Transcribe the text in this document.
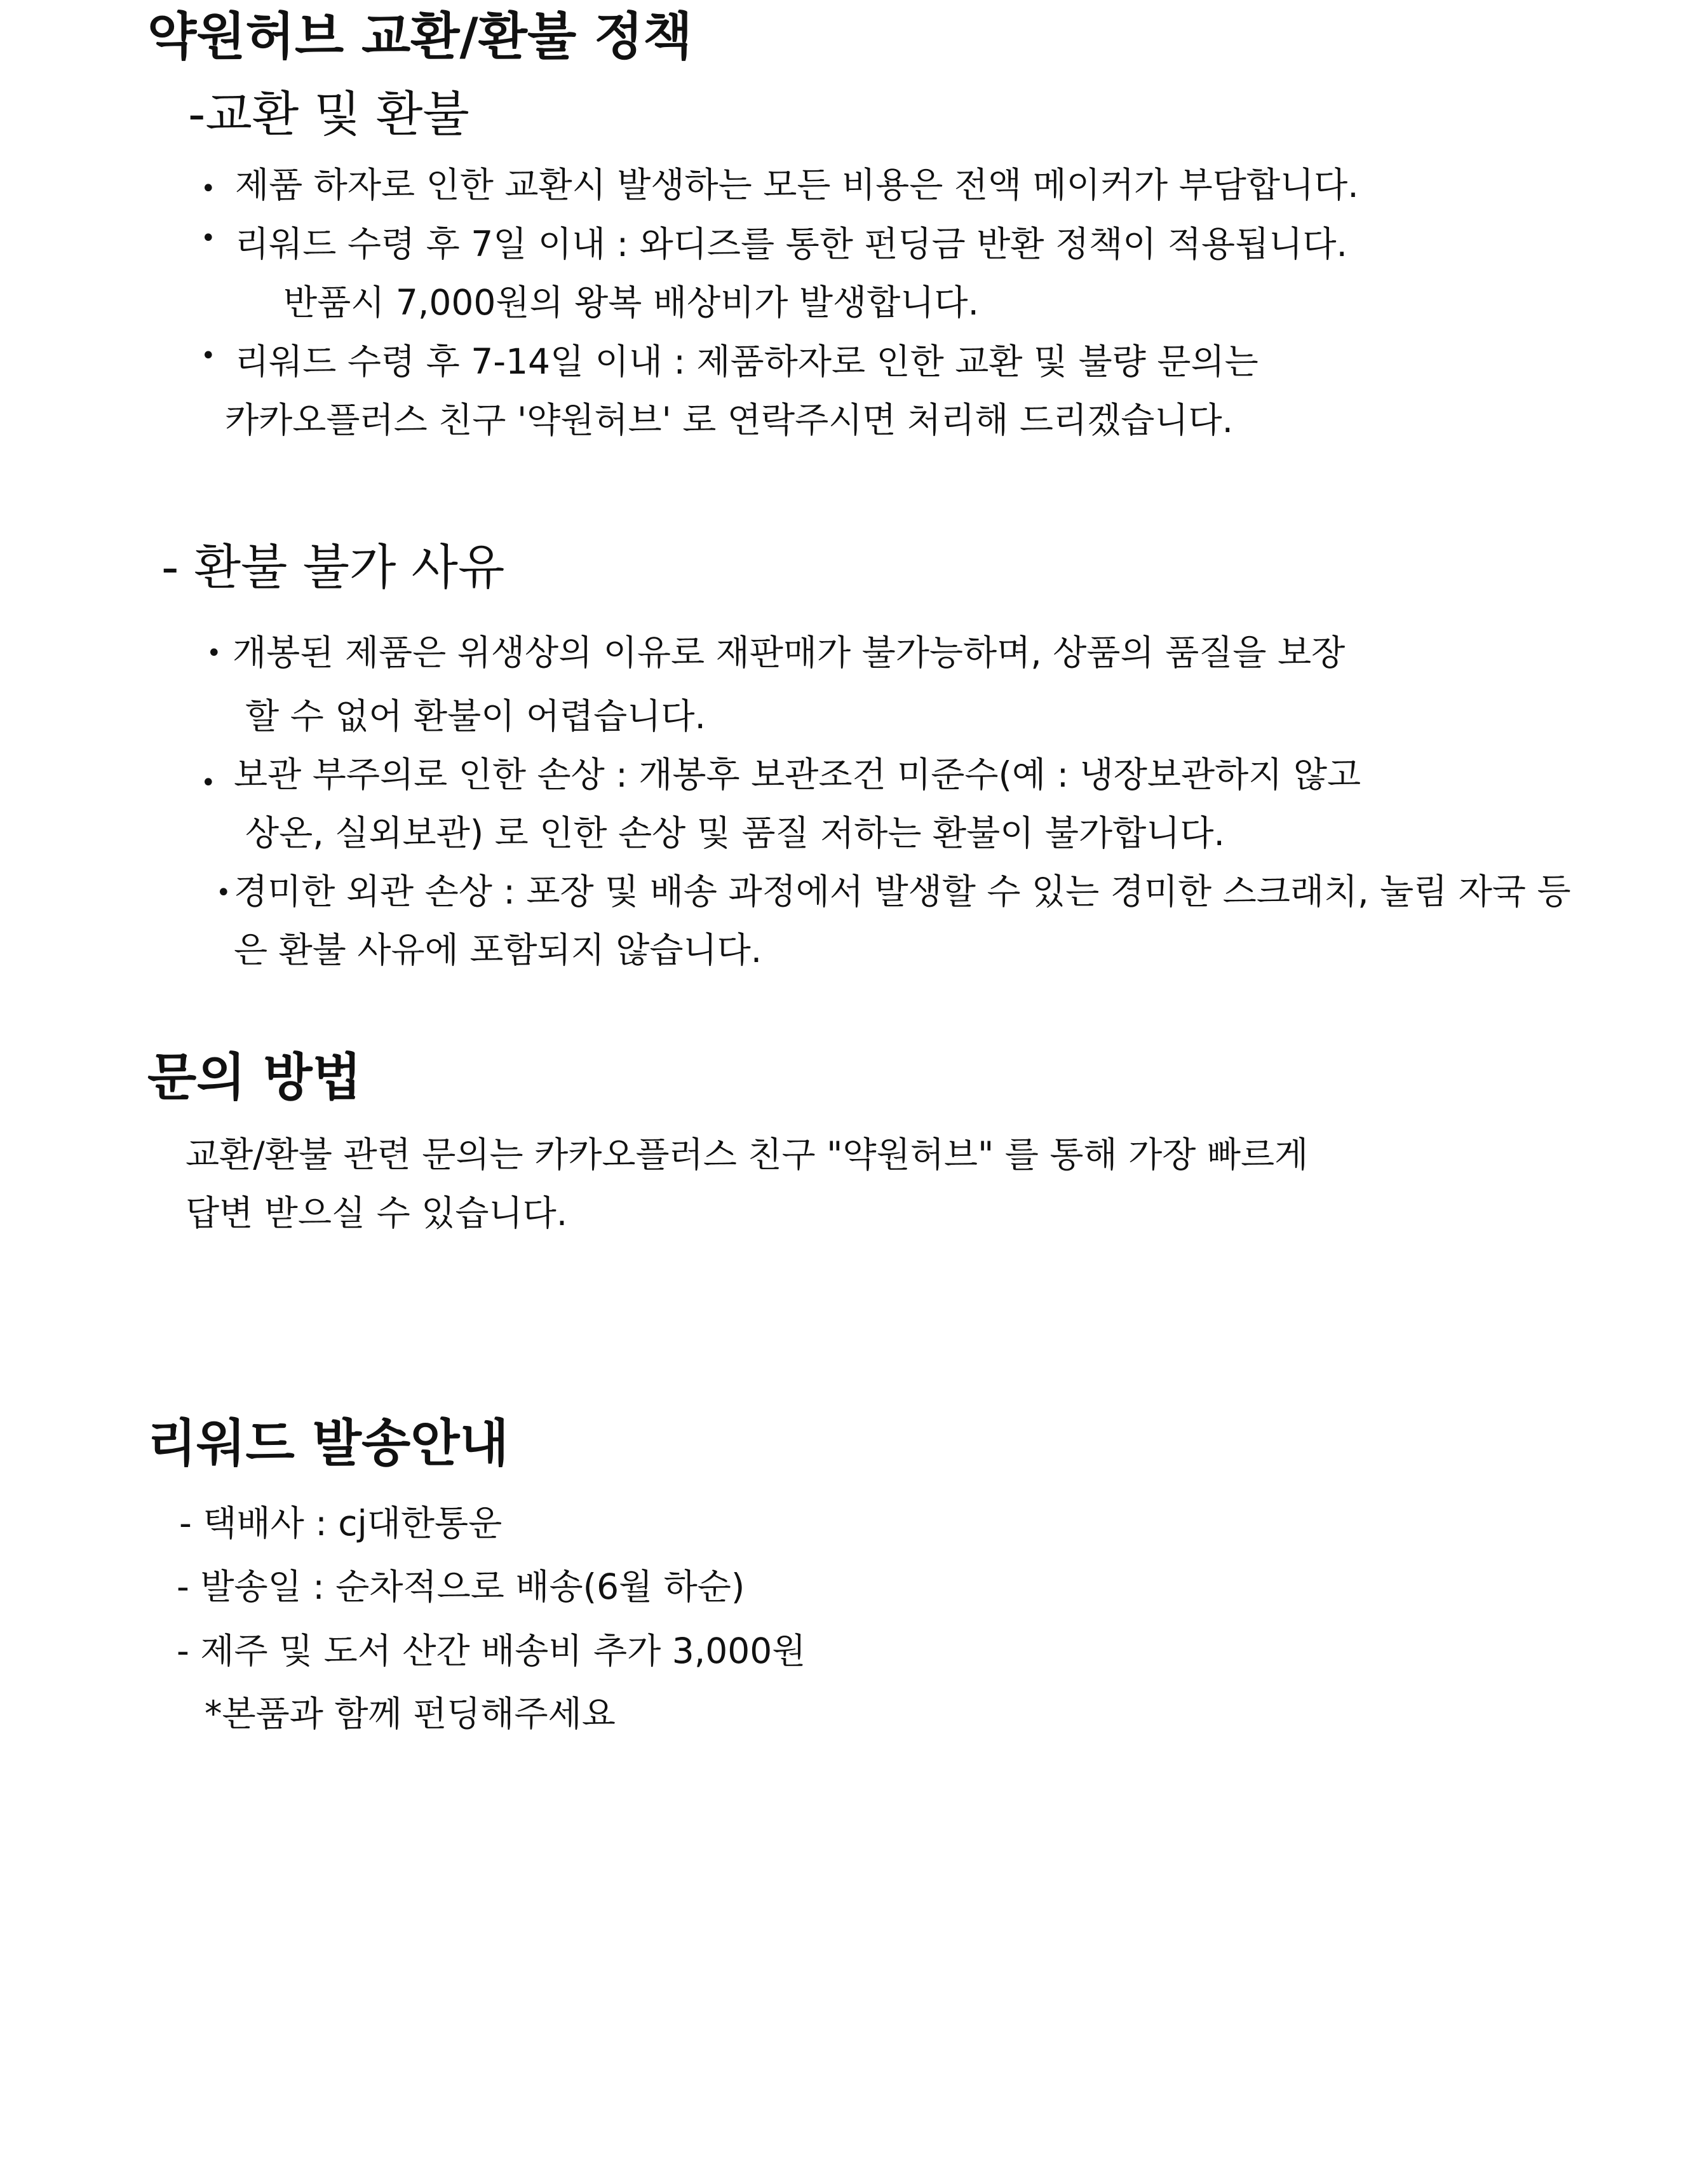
약원허브 교환/환불 정책
-교환 및 환불
• 제품 하자로 인한 교환시 발생하는 모든 비용은 전액 메이커가 부담합니다.
• 리워드 수령 후 7일 이내 : 와디즈를 통한 펀딩금 반환 정책이 적용됩니다.
반품시 7,000원의 왕복 배상비가 발생합니다.
• 리워드 수령 후 7-14일 이내 : 제품하자로 인한 교환 및 불량 문의는
카카오플러스 친구 '약원허브' 로 연락주시면 처리해 드리겠습니다.
- 환불 불가 사유
• 개봉된 제품은 위생상의 이유로 재판매가 불가능하며, 상품의 품질을 보장
할 수 없어 환불이 어렵습니다.
• 보관 부주의로 인한 손상 : 개봉후 보관조건 미준수(예 : 냉장보관하지 않고
상온, 실외보관) 로 인한 손상 및 품질 저하는 환불이 불가합니다.
• 경미한 외관 손상 : 포장 및 배송 과정에서 발생할 수 있는 경미한 스크래치, 눌림 자국 등
은 환불 사유에 포함되지 않습니다.
문의 방법
교환/환불 관련 문의는 카카오플러스 친구 "약원허브" 를 통해 가장 빠르게
답변 받으실 수 있습니다.
리워드 발송안내
- 택배사 : cj대한통운
- 발송일 : 순차적으로 배송(6월 하순)
- 제주 및 도서 산간 배송비 추가 3,000원
*본품과 함께 펀딩해주세요
